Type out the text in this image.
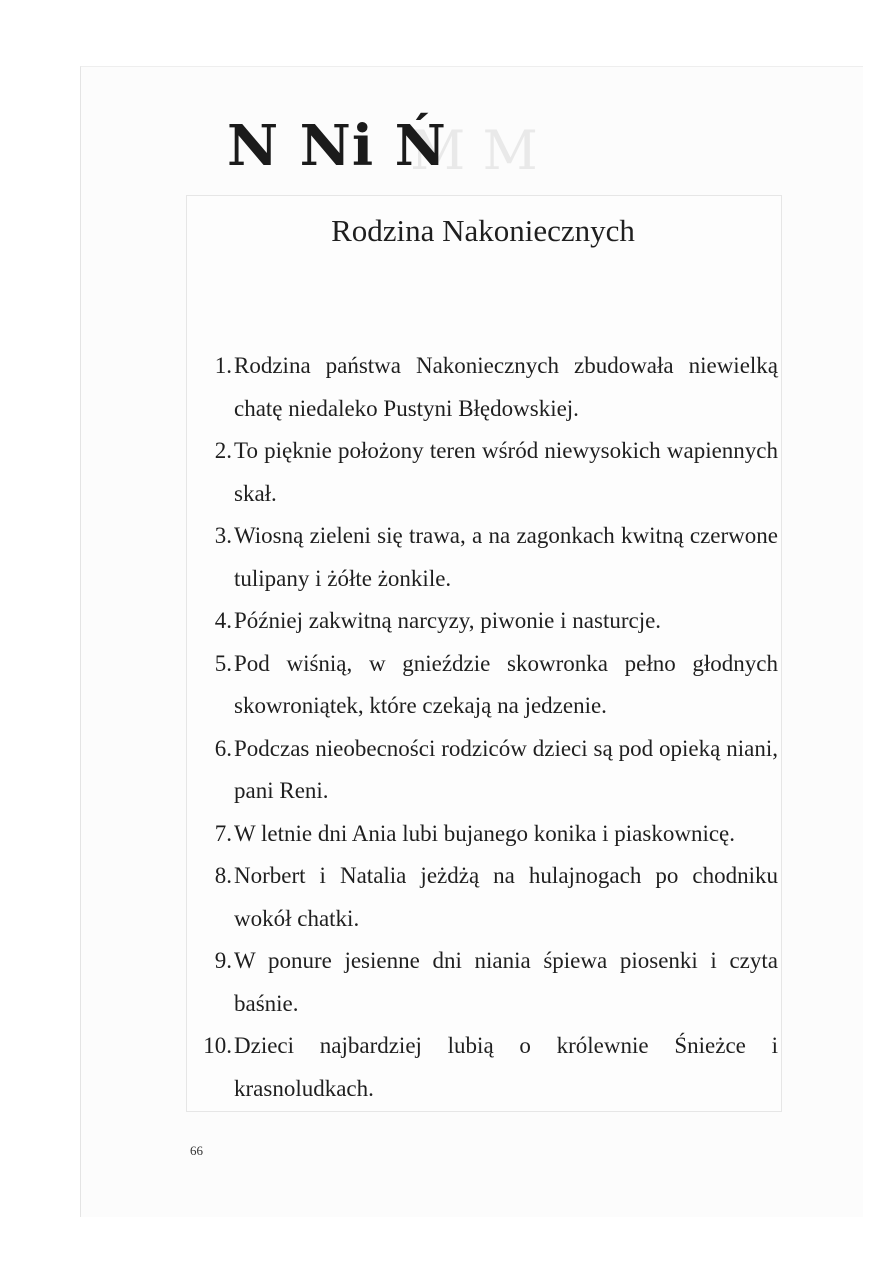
M M
N Ni Ń
Rodzina Nakoniecznych
1. Rodzina państwa Nakoniecznych zbudowała niewielką chatę niedaleko Pustyni Błędowskiej.
2. To pięknie położony teren wśród niewysokich wapiennych skał.
3. Wiosną zieleni się trawa, a na zagonkach kwitną czerwone tulipany i żółte żonkile.
4. Później zakwitną narcyzy, piwonie i nasturcje.
5. Pod wiśnią, w gnieździe skowronka pełno głodnych skowroniątek, które czekają na jedzenie.
6. Podczas nieobecności rodziców dzieci są pod opieką niani, pani Reni.
7. W letnie dni Ania lubi bujanego konika i piaskownicę.
8. Norbert i Natalia jeżdżą na hulajnogach po chodniku wokół chatki.
9. W ponure jesienne dni niania śpiewa piosenki i czyta baśnie.
10. Dzieci najbardziej lubią o królewnie Śnieżce i krasnoludkach.
66
